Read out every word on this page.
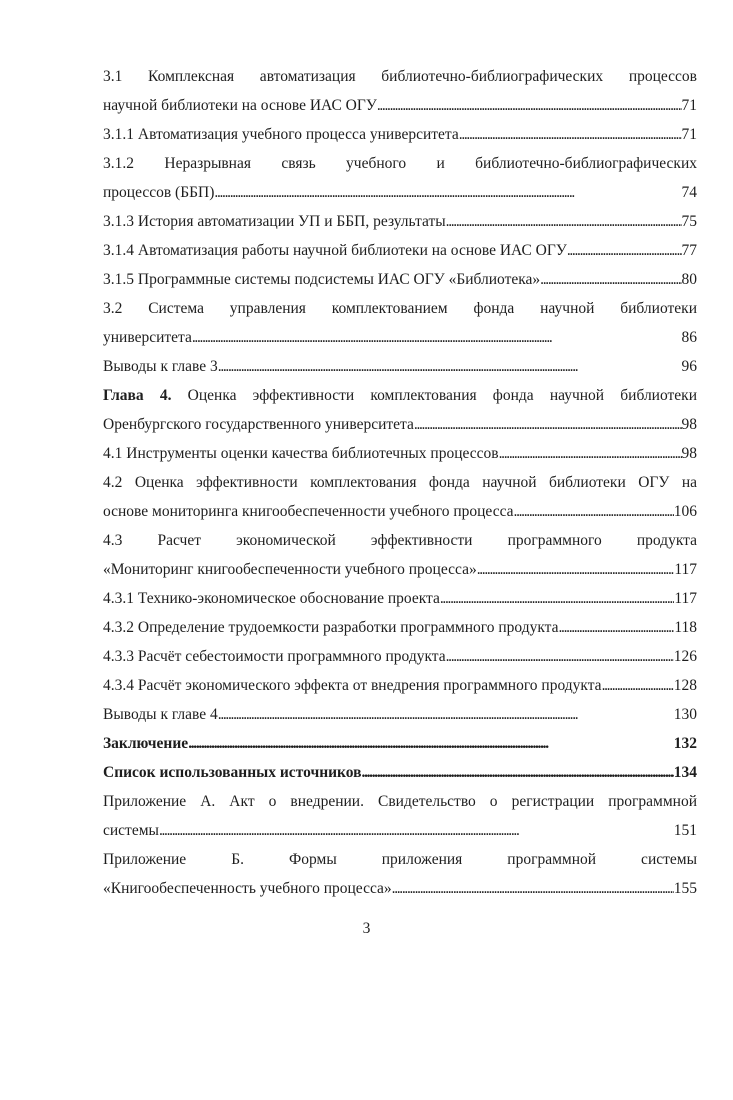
3.1 Комплексная автоматизация библиотечно-библиографических процессов
научной библиотеки на основе ИАС ОГУ . . .	71
3.1.1 Автоматизация учебного процесса университета . . .	71
3.1.2 Неразрывная связь учебного и библиотечно-библиографических
процессов (ББП) . . .	74
3.1.3 История автоматизации УП и ББП, результаты . . .	75
3.1.4 Автоматизация работы научной библиотеки на основе ИАС ОГУ . . .	77
3.1.5 Программные системы подсистемы ИАС ОГУ «Библиотека» . . .	80
3.2 Система управления комплектованием фонда научной библиотеки
университета . . .	86
Выводы к главе 3 . . .	96
Глава 4. Оценка эффективности комплектования фонда научной библиотеки
Оренбургского государственного университета . . .	98
4.1 Инструменты оценки качества библиотечных процессов . . .	98
4.2 Оценка эффективности комплектования фонда научной библиотеки ОГУ на
основе мониторинга книгообеспеченности учебного процесса . . .	106
4.3 Расчет экономической эффективности программного продукта
«Мониторинг книгообеспеченности учебного процесса» . . .	117
4.3.1 Технико-экономическое обоснование проекта . . .	117
4.3.2 Определение трудоемкости разработки программного продукта . . .	118
4.3.3 Расчёт себестоимости программного продукта . . .	126
4.3.4 Расчёт экономического эффекта от внедрения программного продукта . . .	128
Выводы к главе 4 . . .	130
Заключение . . .	132
Список использованных источников . . .	134
Приложение А. Акт о внедрении. Свидетельство о регистрации программной
системы . . .	151
Приложение Б. Формы приложения программной системы
«Книгообеспеченность учебного процесса» . . .	155
3
